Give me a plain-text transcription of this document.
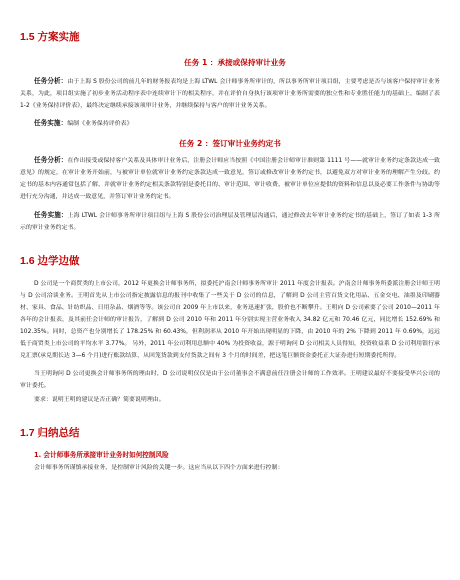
1.5 方案实施
任务 1 ：承接或保持审计业务

任务分析：由于上海 S 股份公司的前几年的财务报表均是上海 LTWL 会计师事务所审计的，所以事务所审计项目组，主要考虑是否与该客户保持审计业务关系，为此，项目组实施了初步业务活动程序表中连续审计下的相关程序，并在评价自身执行该项审计业务所需要的独立性和专业胜任能力的基础上，编制了表 1-2《业务保持评价表》，最终决定继续承接该项审计业务，并继续保持与客户的审计业务关系。

任务实施：编制《业务保持评价表》

任务 2 ：签订审计业务约定书

任务分析：在作出接受或保持客户关系及具体审计业务后，注册会计师应当按照《中国注册会计师审计准则第 1111 号——就审计业务约定条款达成一致意见》的规定，在审计业务开始前，与被审计单位就审计业务约定条款达成一致意见，签订或修改审计业务约定书，以避免双方对审计业务的理解产生分歧。约定书的基本内容通常包括了解、并就审计业务约定相关条款特别是委托目的、审计范围、审计收费、被审计单位应提供的资料和信息以及必要工作条件与协助等进行充分沟通，并达成一致意见，并签订审计业务约定书。

任务实施：上海 LTWL 会计师事务所审计项目组与上海 S 股份公司治理层及管理层沟通后，通过修改去年审计业务约定书的基础上，签订了如表 1-3 所示的审计业务约定书。

1.6 边学边做

D 公司是一个商贸类的上市公司，2012 年更换会计师事务所，拟委托沪南会计师事务所审计 2011 年度会计报表。沪南会计师事务所委派注册会计师王明与 D 公司洽谈业务。王明首先从上市公司指定披露信息的报刊中收集了一些关于 D 公司的信息，了解到 D 公司主营百货文化用品、五金交电、油墨及印刷器材、家具、食品、针纺织品、日用杂品、烟酒等等。该公司自 2009 年上市以来，业务迅速扩张，股价也不断攀升。王明向 D 公司索要了公司 2010—2011 年各年的会计报表，及其前任会计师的审计报告，了解到 D 公司 2010 年和 2011 年分别实现主营业务收入 34.82 亿元和 70.46 亿元，同比增长 152.69% 和 102.35%。同时，总资产也分别增长了 178.25% 和 60.43%，但利润率从 2010 年开始出现明显的下降，由 2010 年的 2% 下降到 2011 年 0.69%，远远低于商贸类上市公司的平均水平 3.77%。 另外，2011 年公司利用总额中 40% 为投资收益，源于明询问 D 公司相关人员得知，投资收益系 D 公司利用银行承兑汇票(承兑期长达 3—6 个月)进行账款结算，从回笼货款到支付货款之间有 3 个月的时间差，把这笔巨额资金委托正大证券进行短期委托所得。

当王明询问 D 公司更换会计师事务所的理由时，D 公司说明仅仅是由于公司董事会不满意前任注册会计师的工作效率。王明建议最好不要接受华兴公司的审计委托。

要求：说明王明的建议是否正确？简要说明理由。

1.7 归纳总结
1. 会计师事务所承接审计业务时如何控制风险

会计师事务所谨慎承接业务，是控制审计风险的关键一步。这应当从以下四个方面来进行控制：
